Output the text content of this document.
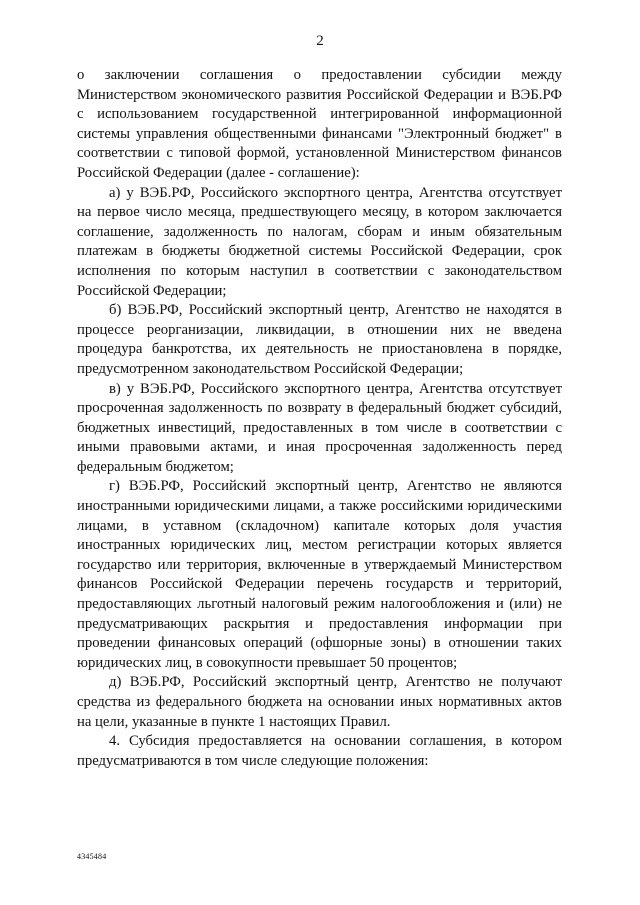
2

о заключении соглашения о предоставлении субсидии между Министерством экономического развития Российской Федерации и ВЭБ.РФ с использованием государственной интегрированной информационной системы управления общественными финансами "Электронный бюджет" в соответствии с типовой формой, установленной Министерством финансов Российской Федерации (далее - соглашение):

а) у ВЭБ.РФ, Российского экспортного центра, Агентства отсутствует на первое число месяца, предшествующего месяцу, в котором заключается соглашение, задолженность по налогам, сборам и иным обязательным платежам в бюджеты бюджетной системы Российской Федерации, срок исполнения по которым наступил в соответствии с законодательством Российской Федерации;

б) ВЭБ.РФ, Российский экспортный центр, Агентство не находятся в процессе реорганизации, ликвидации, в отношении них не введена процедура банкротства, их деятельность не приостановлена в порядке, предусмотренном законодательством Российской Федерации;

в) у ВЭБ.РФ, Российского экспортного центра, Агентства отсутствует просроченная задолженность по возврату в федеральный бюджет субсидий, бюджетных инвестиций, предоставленных в том числе в соответствии с иными правовыми актами, и иная просроченная задолженность перед федеральным бюджетом;

г) ВЭБ.РФ, Российский экспортный центр, Агентство не являются иностранными юридическими лицами, а также российскими юридическими лицами, в уставном (складочном) капитале которых доля участия иностранных юридических лиц, местом регистрации которых является государство или территория, включенные в утверждаемый Министерством финансов Российской Федерации перечень государств и территорий, предоставляющих льготный налоговый режим налогообложения и (или) не предусматривающих раскрытия и предоставления информации при проведении финансовых операций (офшорные зоны) в отношении таких юридических лиц, в совокупности превышает 50 процентов;

д) ВЭБ.РФ, Российский экспортный центр, Агентство не получают средства из федерального бюджета на основании иных нормативных актов на цели, указанные в пункте 1 настоящих Правил.

4. Субсидия предоставляется на основании соглашения, в котором предусматриваются в том числе следующие положения:

4345484
